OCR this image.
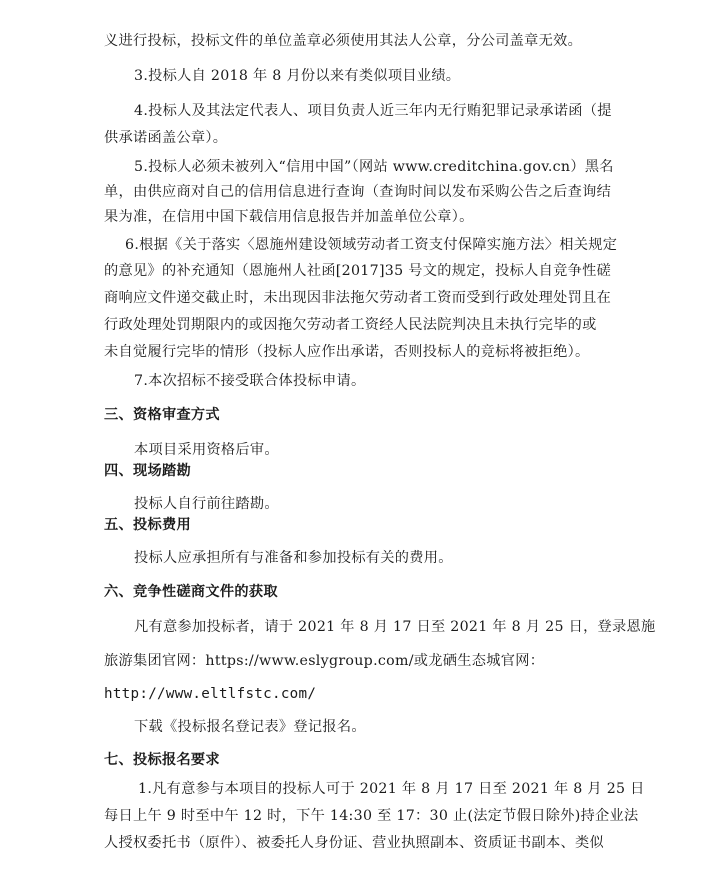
义进行投标，投标文件的单位盖章必须使用其法人公章，分公司盖章无效。
3.投标人自 2018 年 8 月份以来有类似项目业绩。
4.投标人及其法定代表人、项目负责人近三年内无行贿犯罪记录承诺函（提
供承诺函盖公章）。
5.投标人必须未被列入“信用中国”（网站 www.creditchina.gov.cn）黑名
单，由供应商对自己的信用信息进行查询（查询时间以发布采购公告之后查询结
果为准，在信用中国下载信用信息报告并加盖单位公章）。
6.根据《关于落实〈恩施州建设领域劳动者工资支付保障实施方法〉相关规定
的意见》的补充通知（恩施州人社函[2017]35 号文的规定，投标人自竞争性磋
商响应文件递交截止时，未出现因非法拖欠劳动者工资而受到行政处理处罚且在
行政处理处罚期限内的或因拖欠劳动者工资经人民法院判决且未执行完毕的或
未自觉履行完毕的情形（投标人应作出承诺，否则投标人的竞标将被拒绝）。
7.本次招标不接受联合体投标申请。
三、资格审查方式
本项目采用资格后审。
四、现场踏勘
投标人自行前往踏勘。
五、投标费用
投标人应承担所有与准备和参加投标有关的费用。
六、竞争性磋商文件的获取
凡有意参加投标者，请于 2021 年 8 月 17 日至 2021 年 8 月 25 日，登录恩施
旅游集团官网：https://www.eslygroup.com/或龙硒生态城官网：
http://www.eltlfstc.com/
下载《投标报名登记表》登记报名。
七、投标报名要求
1.凡有意参与本项目的投标人可于 2021 年 8 月 17 日至 2021 年 8 月 25 日
每日上午 9 时至中午 12 时，下午 14:30 至 17：30 止(法定节假日除外)持企业法
人授权委托书（原件）、被委托人身份证、营业执照副本、资质证书副本、类似
